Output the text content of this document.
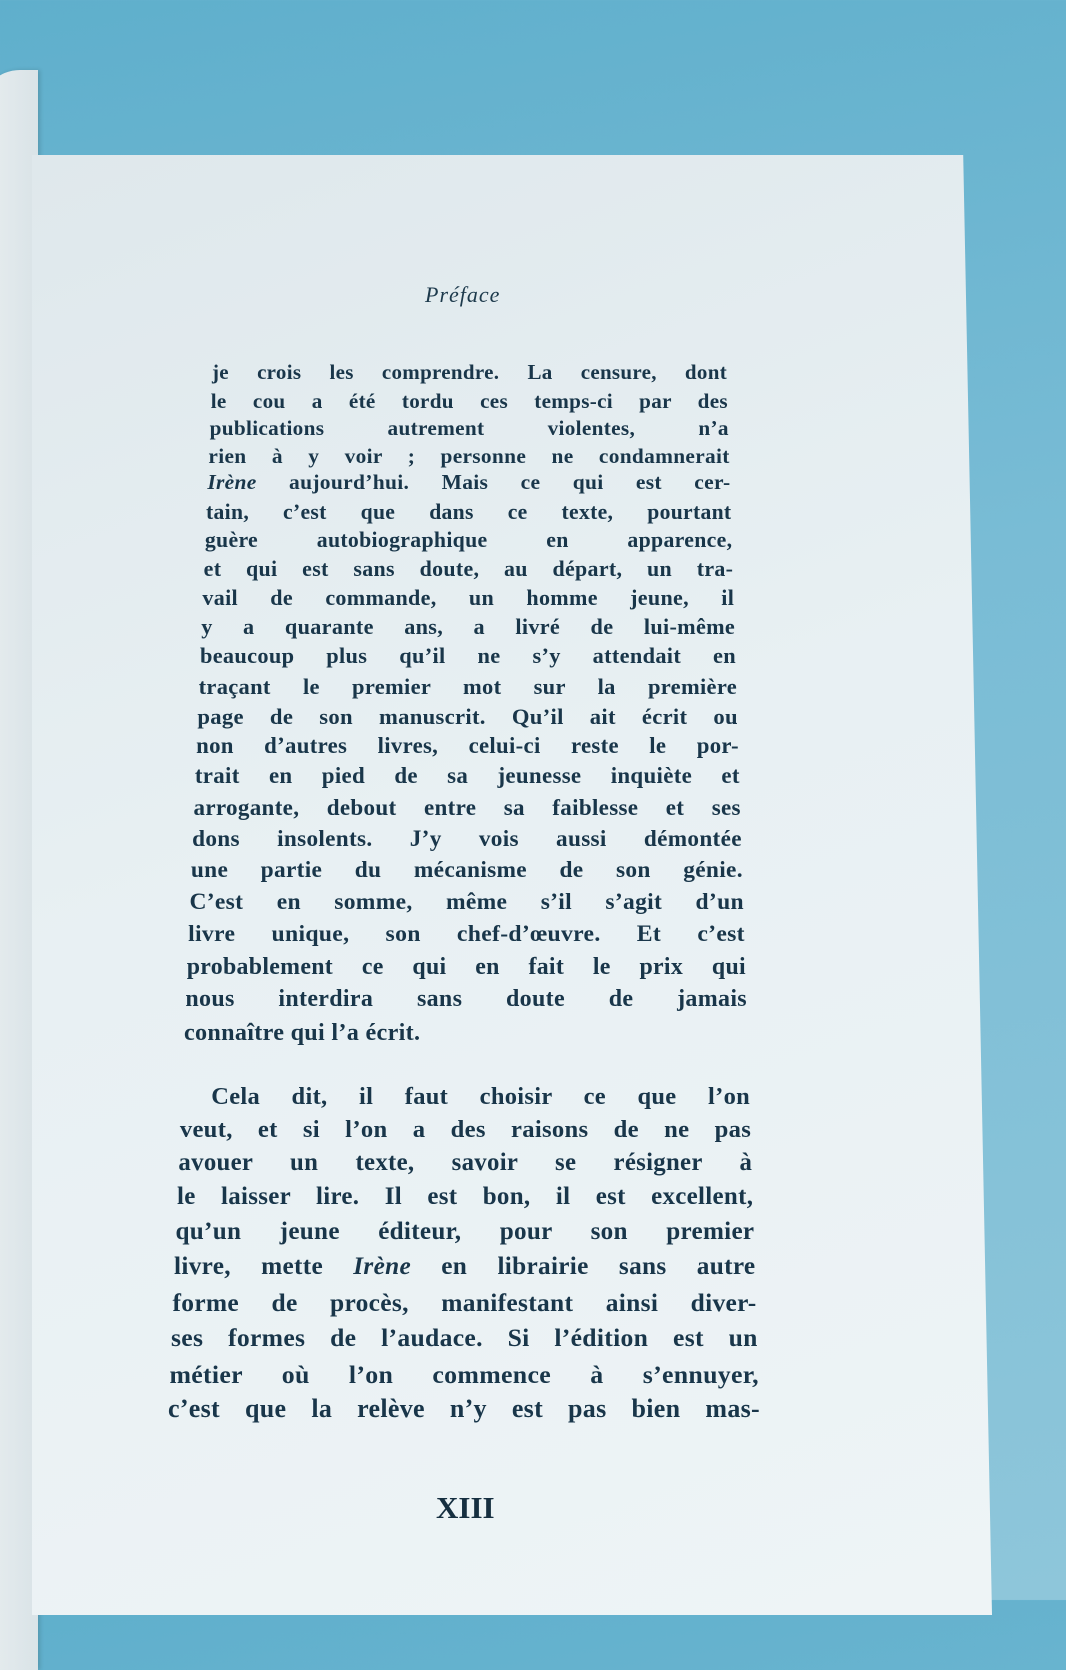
Préface
je crois les comprendre. La censure, dont
le cou a été tordu ces temps-ci par des
publications autrement violentes, n’a
rien à y voir ; personne ne condamnerait
Irène aujourd’hui. Mais ce qui est cer-
tain, c’est que dans ce texte, pourtant
guère autobiographique en apparence,
et qui est sans doute, au départ, un tra-
vail de commande, un homme jeune, il
y a quarante ans, a livré de lui-même
beaucoup plus qu’il ne s’y attendait en
traçant le premier mot sur la première
page de son manuscrit. Qu’il ait écrit ou
non d’autres livres, celui-ci reste le por-
trait en pied de sa jeunesse inquiète et
arrogante, debout entre sa faiblesse et ses
dons insolents. J’y vois aussi démontée
une partie du mécanisme de son génie.
C’est en somme, même s’il s’agit d’un
livre unique, son chef-d’œuvre. Et c’est
probablement ce qui en fait le prix qui
nous interdira sans doute de jamais
connaître qui l’a écrit.
Cela dit, il faut choisir ce que l’on
veut, et si l’on a des raisons de ne pas
avouer un texte, savoir se résigner à
le laisser lire. Il est bon, il est excellent,
qu’un jeune éditeur, pour son premier
livre, mette Irène en librairie sans autre
forme de procès, manifestant ainsi diver-
ses formes de l’audace. Si l’édition est un
métier où l’on commence à s’ennuyer,
c’est que la relève n’y est pas bien mas-
XIII
